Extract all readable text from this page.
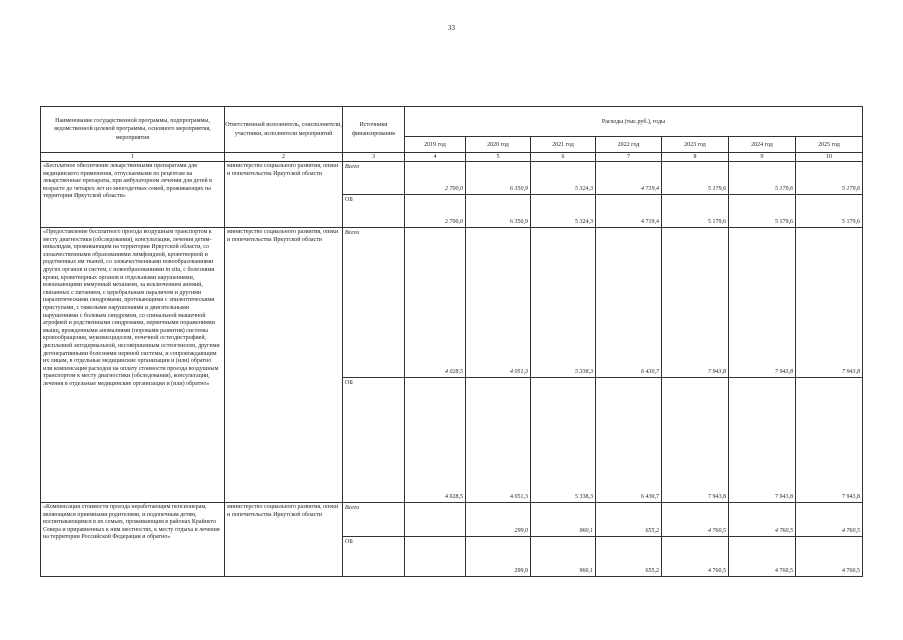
33
Наименование государственной программы, подпрограммы, ведомственной целевой программы, основного мероприятия, мероприятия	Ответственный исполнитель, соисполнители, участники, исполнители мероприятий	Источники финансирования	Расходы (тыс.руб.), годы						
			2019 год	2020 год	2021 год	2022 год	2023 год	2024 год	2025 год
1	2	3	4	5	6	7	8	9	10
«Бесплатное обеспечение лекарственными препаратами для медицинского применения, отпускаемыми по рецептам на лекарственные препараты, при амбулаторном лечении для детей в возрасте до четырех лет из многодетных семей, проживающих на территории Иркутской области»	министерство социального развития, опеки и попечительства Иркутской области	Всего	2 700,0	6 350,9	5 324,3	4 719,4	5 179,6	5 179,6	5 179,6
		ОБ	2 700,0	6 350,9	5 324,3	4 719,4	5 179,6	5 179,6	5 179,6
«Предоставление бесплатного проезда воздушным транспортом к месту диагностики (обследования), консультации, лечения детям-инвалидам, проживающим на территории Иркутской области, со злокачественными образованиями лимфоидной, кроветворной и родственных им тканей, со злокачественными новообразованиями других органов и систем, с новообразованиями in situ, с болезнями крови, кроветворных органов и отдельными нарушениями, вовлекающими иммунный механизм, за исключением анемий, связанных с питанием, с церебральным параличом и другими паралитическими синдромами, протекающими с эпилептическими приступами, с тяжелыми нарушениями и двигательными нарушениями с болевым синдромом, со спинальной мышечной атрофией и родственными синдромами, первичными поражениями мышц, врожденными аномалиями (пороками развития) системы кровообращения, муковисцидозом, почечной остеодистрофией, дисплазией эктодермальной, несовершенным остеогенезом, другими дегенеративными болезнями нервной системы, и сопровождающим их лицам, в отдельные медицинские организации и (или) обратно или компенсация расходов на оплату стоимости проезда воздушным транспортом к месту диагностики (обследования), консультации, лечения в отдельные медицинские организации и (или) обратно»	министерство социального развития, опеки и попечительства Иркутской области	Всего	4 028,5	4 051,3	5 338,3	6 430,7	7 943,8	7 943,8	7 943,8
		ОБ	4 028,5	4 051,3	5 338,3	6 430,7	7 943,8	7 943,8	7 943,8
«Компенсация стоимости проезда неработающим пенсионерам, являющимся приемными родителями, и подопечным детям, воспитывающимся в их семьях, проживающим в районах Крайнего Севера и приравненных к ним местностях, к месту отдыха и лечения на территории Российской Федерации и обратно»	министерство социального развития, опеки и попечительства Иркутской области	Всего		299,0	960,1	655,2	4 760,5	4 760,5	4 760,5
		ОБ		299,0	960,1	655,2	4 760,5	4 760,5	4 760,5
